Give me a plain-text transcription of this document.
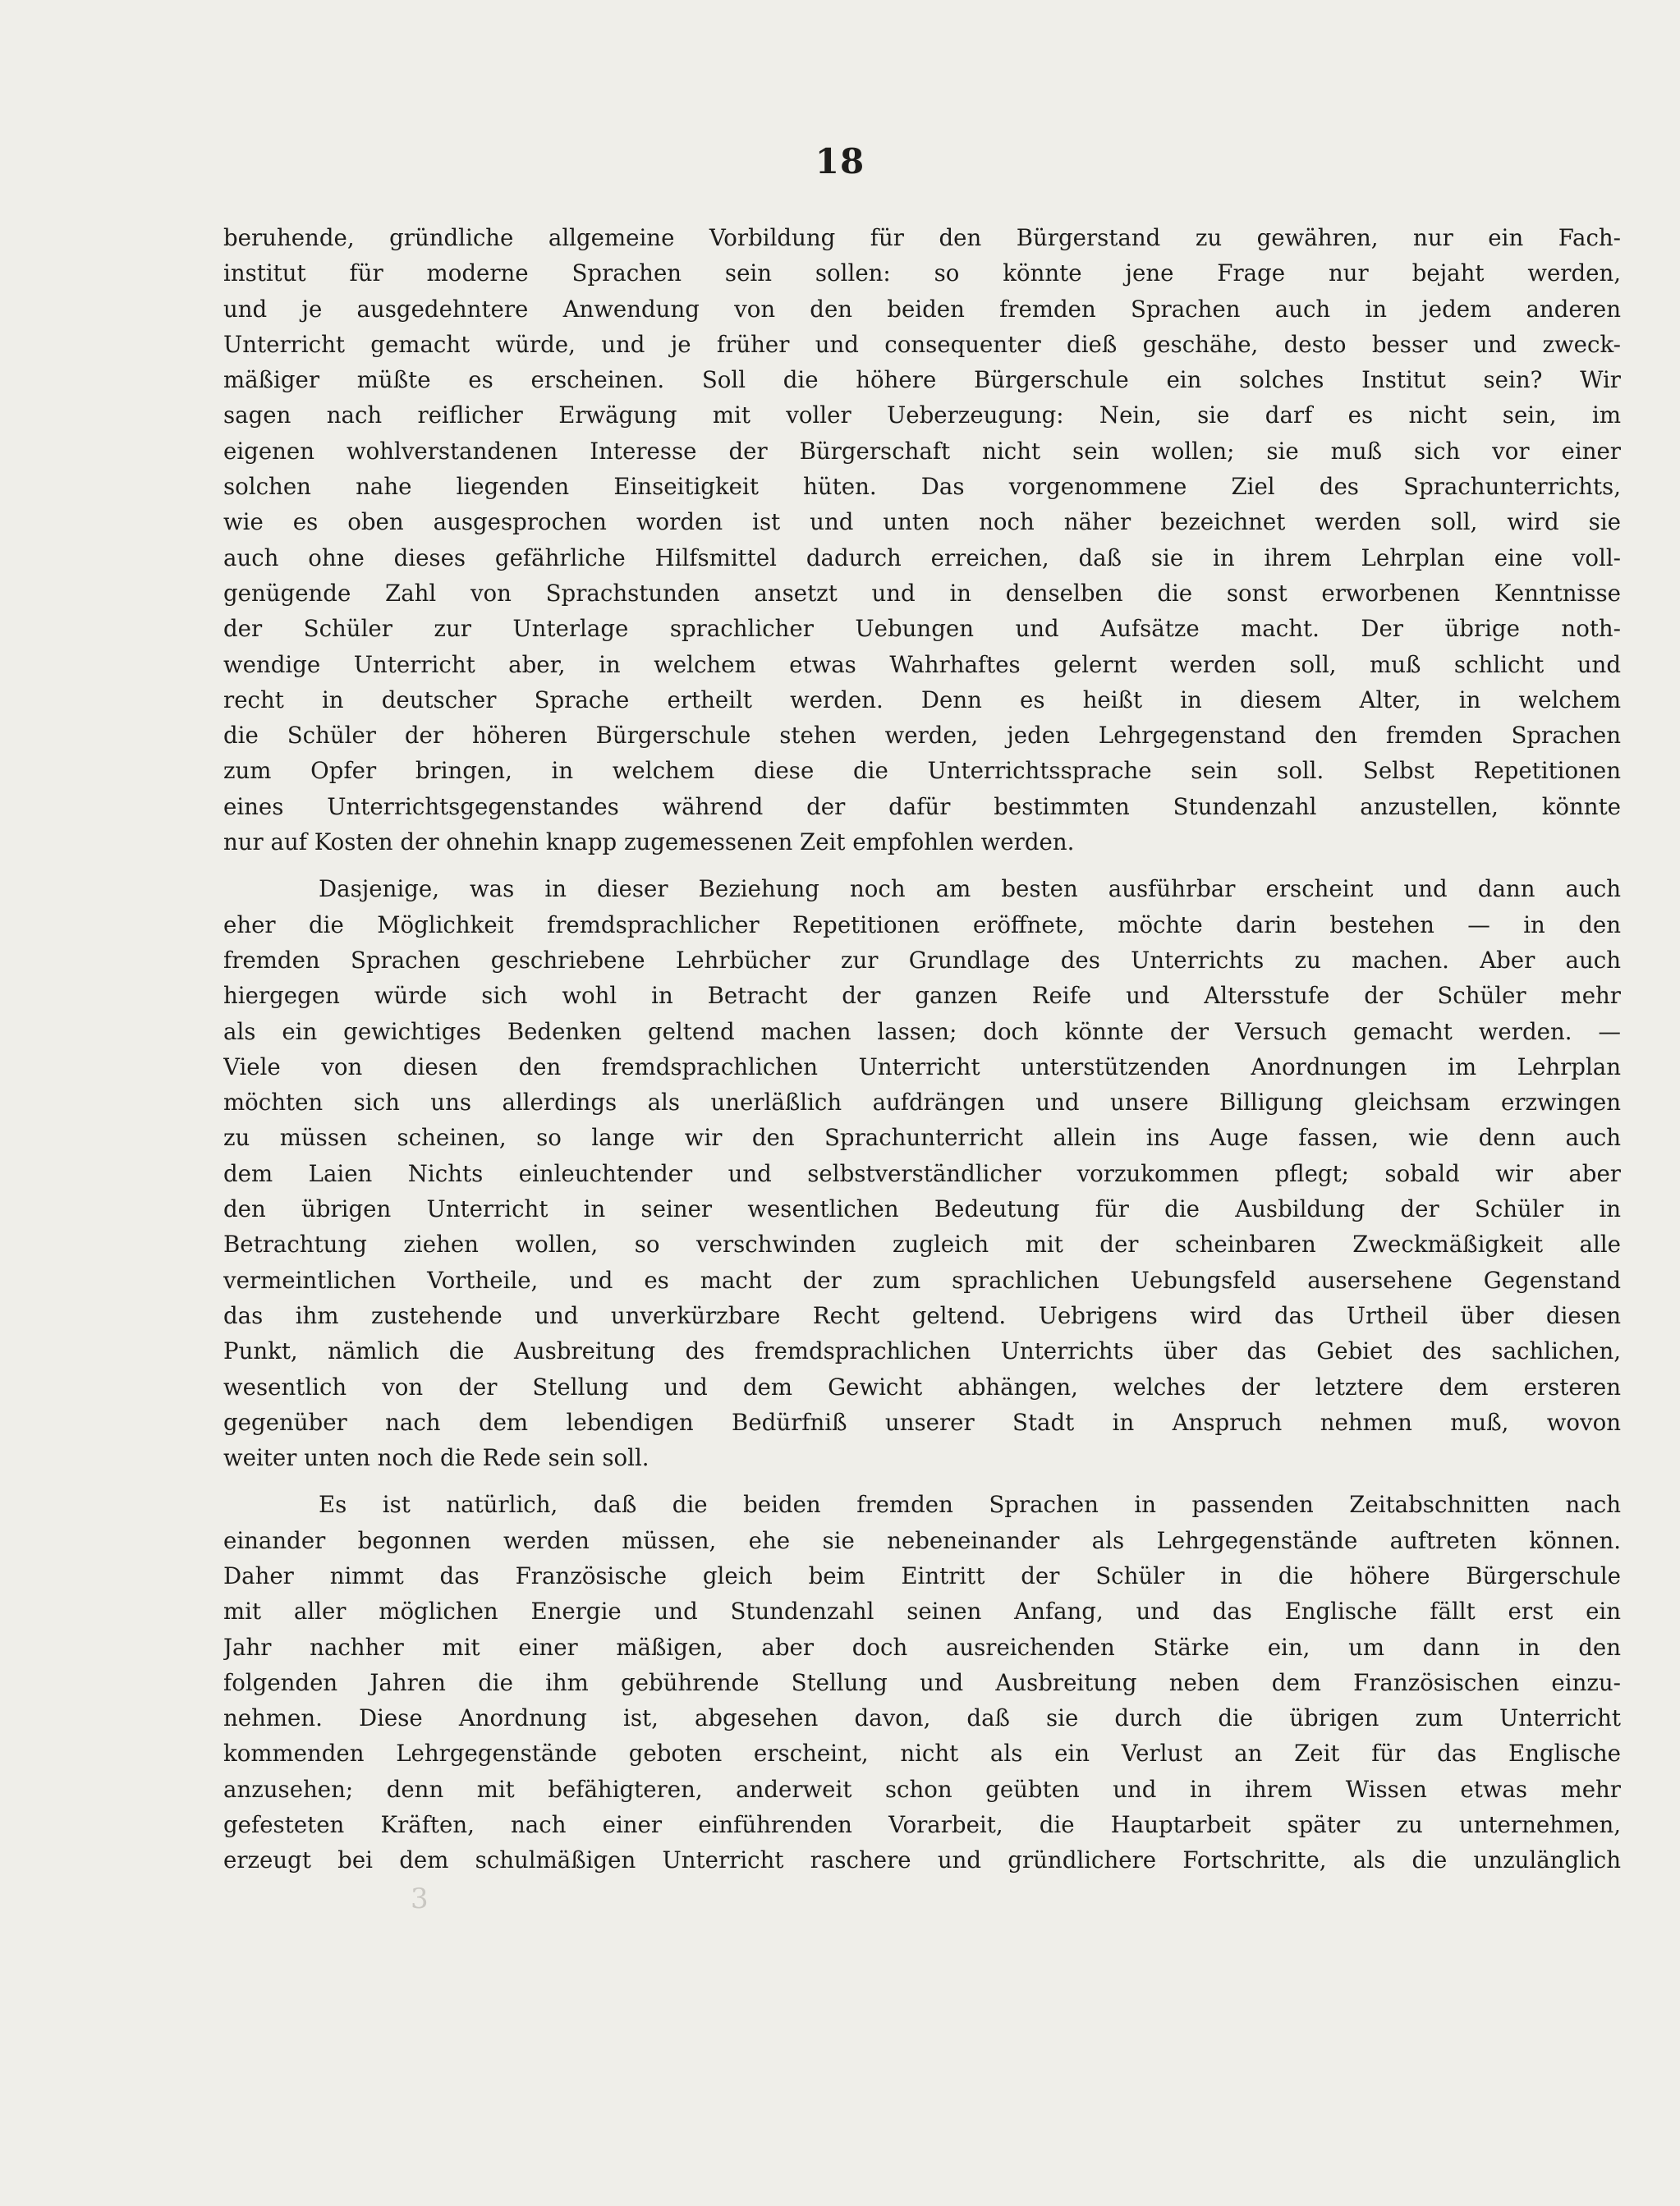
18
beruhende, gründliche allgemeine Vorbildung für den Bürgerstand zu gewähren, nur ein Fach-
institut für moderne Sprachen sein sollen: so könnte jene Frage nur bejaht werden,
und je ausgedehntere Anwendung von den beiden fremden Sprachen auch in jedem anderen
Unterricht gemacht würde, und je früher und consequenter dieß geschähe, desto besser und zweck-
mäßiger müßte es erscheinen. Soll die höhere Bürgerschule ein solches Institut sein? Wir
sagen nach reiflicher Erwägung mit voller Ueberzeugung: Nein, sie darf es nicht sein, im
eigenen wohlverstandenen Interesse der Bürgerschaft nicht sein wollen; sie muß sich vor einer
solchen nahe liegenden Einseitigkeit hüten. Das vorgenommene Ziel des Sprachunterrichts,
wie es oben ausgesprochen worden ist und unten noch näher bezeichnet werden soll, wird sie
auch ohne dieses gefährliche Hilfsmittel dadurch erreichen, daß sie in ihrem Lehrplan eine voll-
genügende Zahl von Sprachstunden ansetzt und in denselben die sonst erworbenen Kenntnisse
der Schüler zur Unterlage sprachlicher Uebungen und Aufsätze macht. Der übrige noth-
wendige Unterricht aber, in welchem etwas Wahrhaftes gelernt werden soll, muß schlicht und
recht in deutscher Sprache ertheilt werden. Denn es heißt in diesem Alter, in welchem
die Schüler der höheren Bürgerschule stehen werden, jeden Lehrgegenstand den fremden Sprachen
zum Opfer bringen, in welchem diese die Unterrichtssprache sein soll. Selbst Repetitionen
eines Unterrichtsgegenstandes während der dafür bestimmten Stundenzahl anzustellen, könnte
nur auf Kosten der ohnehin knapp zugemessenen Zeit empfohlen werden.
Dasjenige, was in dieser Beziehung noch am besten ausführbar erscheint und dann auch
eher die Möglichkeit fremdsprachlicher Repetitionen eröffnete, möchte darin bestehen — in den
fremden Sprachen geschriebene Lehrbücher zur Grundlage des Unterrichts zu machen. Aber auch
hiergegen würde sich wohl in Betracht der ganzen Reife und Altersstufe der Schüler mehr
als ein gewichtiges Bedenken geltend machen lassen; doch könnte der Versuch gemacht werden. —
Viele von diesen den fremdsprachlichen Unterricht unterstützenden Anordnungen im Lehrplan
möchten sich uns allerdings als unerläßlich aufdrängen und unsere Billigung gleichsam erzwingen
zu müssen scheinen, so lange wir den Sprachunterricht allein ins Auge fassen, wie denn auch
dem Laien Nichts einleuchtender und selbstverständlicher vorzukommen pflegt; sobald wir aber
den übrigen Unterricht in seiner wesentlichen Bedeutung für die Ausbildung der Schüler in
Betrachtung ziehen wollen, so verschwinden zugleich mit der scheinbaren Zweckmäßigkeit alle
vermeintlichen Vortheile, und es macht der zum sprachlichen Uebungsfeld ausersehene Gegenstand
das ihm zustehende und unverkürzbare Recht geltend. Uebrigens wird das Urtheil über diesen
Punkt, nämlich die Ausbreitung des fremdsprachlichen Unterrichts über das Gebiet des sachlichen,
wesentlich von der Stellung und dem Gewicht abhängen, welches der letztere dem ersteren
gegenüber nach dem lebendigen Bedürfniß unserer Stadt in Anspruch nehmen muß, wovon
weiter unten noch die Rede sein soll.
Es ist natürlich, daß die beiden fremden Sprachen in passenden Zeitabschnitten nach
einander begonnen werden müssen, ehe sie nebeneinander als Lehrgegenstände auftreten können.
Daher nimmt das Französische gleich beim Eintritt der Schüler in die höhere Bürgerschule
mit aller möglichen Energie und Stundenzahl seinen Anfang, und das Englische fällt erst ein
Jahr nachher mit einer mäßigen, aber doch ausreichenden Stärke ein, um dann in den
folgenden Jahren die ihm gebührende Stellung und Ausbreitung neben dem Französischen einzu-
nehmen. Diese Anordnung ist, abgesehen davon, daß sie durch die übrigen zum Unterricht
kommenden Lehrgegenstände geboten erscheint, nicht als ein Verlust an Zeit für das Englische
anzusehen; denn mit befähigteren, anderweit schon geübten und in ihrem Wissen etwas mehr
gefesteten Kräften, nach einer einführenden Vorarbeit, die Hauptarbeit später zu unternehmen,
erzeugt bei dem schulmäßigen Unterricht raschere und gründlichere Fortschritte, als die unzulänglich
3
